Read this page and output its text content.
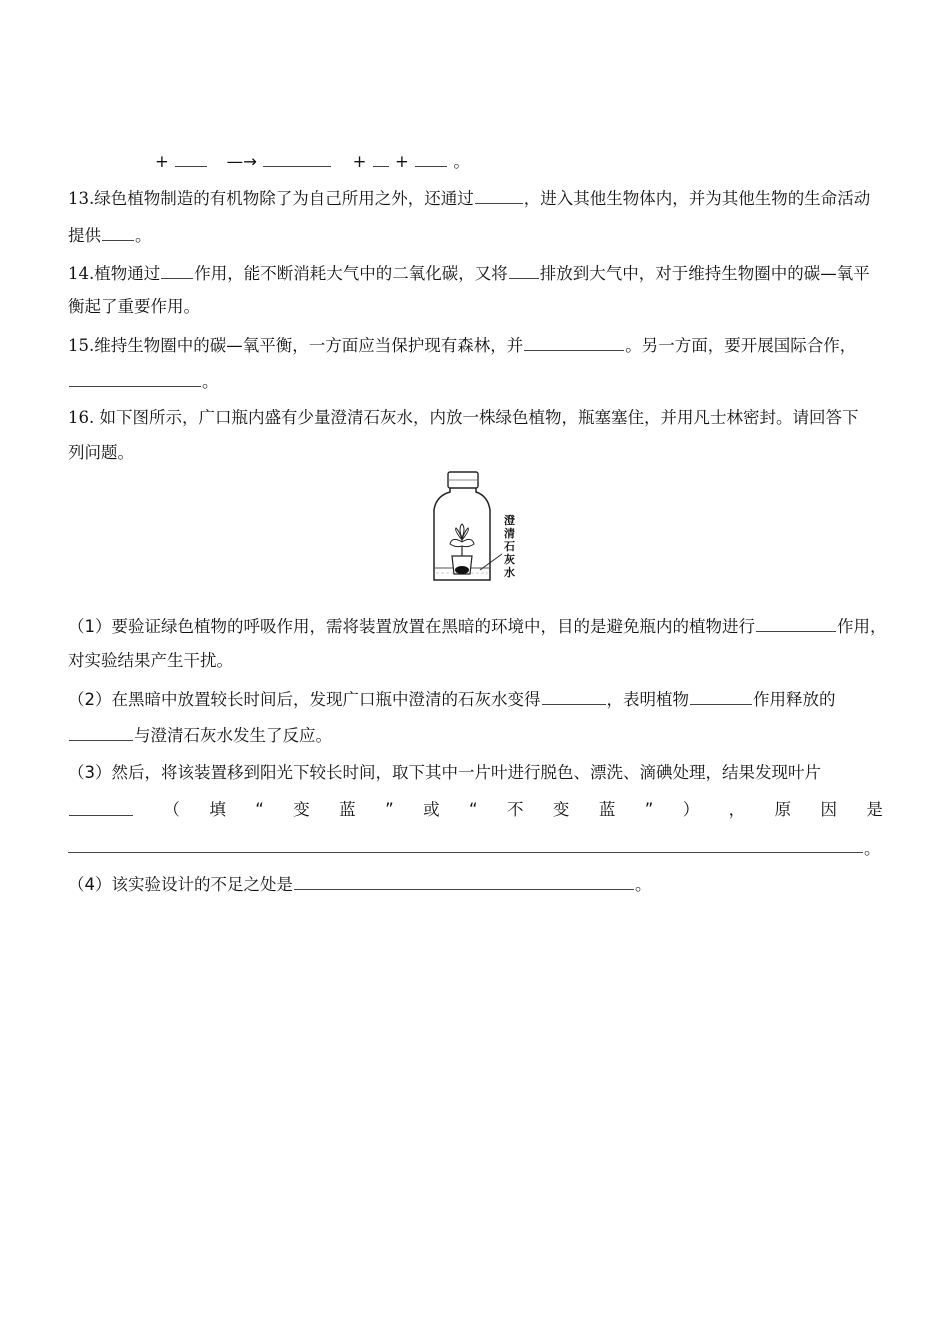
+	—→	+ +	。
13.绿色植物制造的有机物除了为自己所用之外，还通过	，进入其他生物体内，并为其他生物的生命活动
提供 。
14.植物通过 作用，能不断消耗大气中的二氧化碳，又将 排放到大气中，对于维持生物圈中的碳—氧平
衡起了重要作用。
15.维持生物圈中的碳—氧平衡，一方面应当保护现有森林，并	。另一方面，要开展国际合作，
。
16. 如下图所示，广口瓶内盛有少量澄清石灰水，内放一株绿色植物，瓶塞塞住，并用凡士林密封。请回答下
列问题。
澄清石灰水
（1）要验证绿色植物的呼吸作用，需将装置放置在黑暗的环境中，目的是避免瓶内的植物进行	作用，
对实验结果产生干扰。
（2）在黑暗中放置较长时间后，发现广口瓶中澄清的石灰水变得	，表明植物	作用释放的
与澄清石灰水发生了反应。
（3）然后，将该装置移到阳光下较长时间，取下其中一片叶进行脱色、漂洗、滴碘处理，结果发现叶片
（ 填 “ 变 蓝 ” 或 “ 不 变 蓝 ” ） ， 原 因 是
。
（4）该实验设计的不足之处是	。
